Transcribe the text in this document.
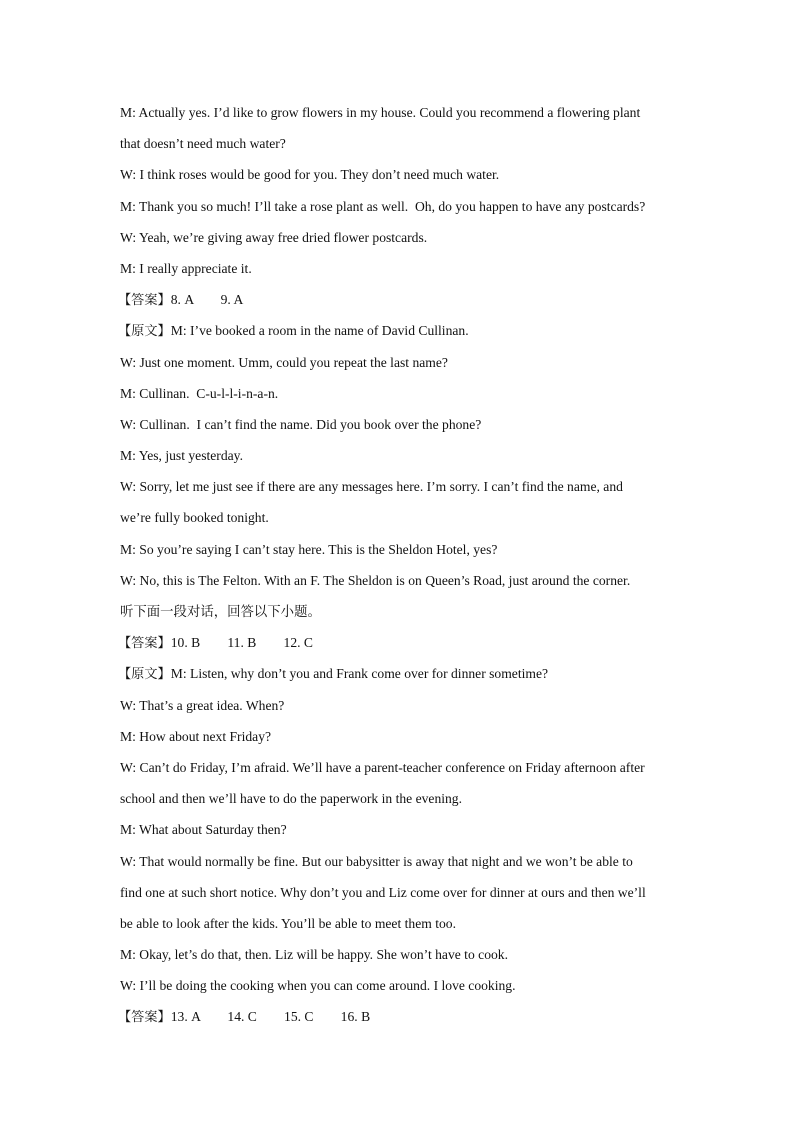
M: Actually yes. I’d like to grow flowers in my house. Could you recommend a flowering plant

that doesn’t need much water?

W: I think roses would be good for you. They don’t need much water.

M: Thank you so much! I’ll take a rose plant as well.  Oh, do you happen to have any postcards?

W: Yeah, we’re giving away free dried flower postcards.

M: I really appreciate it.

【答案】8. A        9. A

【原文】M: I’ve booked a room in the name of David Cullinan.

W: Just one moment. Umm, could you repeat the last name?

M: Cullinan.  C-u-l-l-i-n-a-n.

W: Cullinan.  I can’t find the name. Did you book over the phone?

M: Yes, just yesterday.

W: Sorry, let me just see if there are any messages here. I’m sorry. I can’t find the name, and

we’re fully booked tonight.

M: So you’re saying I can’t stay here. This is the Sheldon Hotel, yes?

W: No, this is The Felton. With an F. The Sheldon is on Queen’s Road, just around the corner.

听下面一段对话，回答以下小题。

【答案】10. B        11. B        12. C

【原文】M: Listen, why don’t you and Frank come over for dinner sometime?

W: That’s a great idea. When?

M: How about next Friday?

W: Can’t do Friday, I’m afraid. We’ll have a parent-teacher conference on Friday afternoon after

school and then we’ll have to do the paperwork in the evening.

M: What about Saturday then?

W: That would normally be fine. But our babysitter is away that night and we won’t be able to

find one at such short notice. Why don’t you and Liz come over for dinner at ours and then we’ll

be able to look after the kids. You’ll be able to meet them too.

M: Okay, let’s do that, then. Liz will be happy. She won’t have to cook.

W: I’ll be doing the cooking when you can come around. I love cooking.

【答案】13. A        14. C        15. C        16. B
